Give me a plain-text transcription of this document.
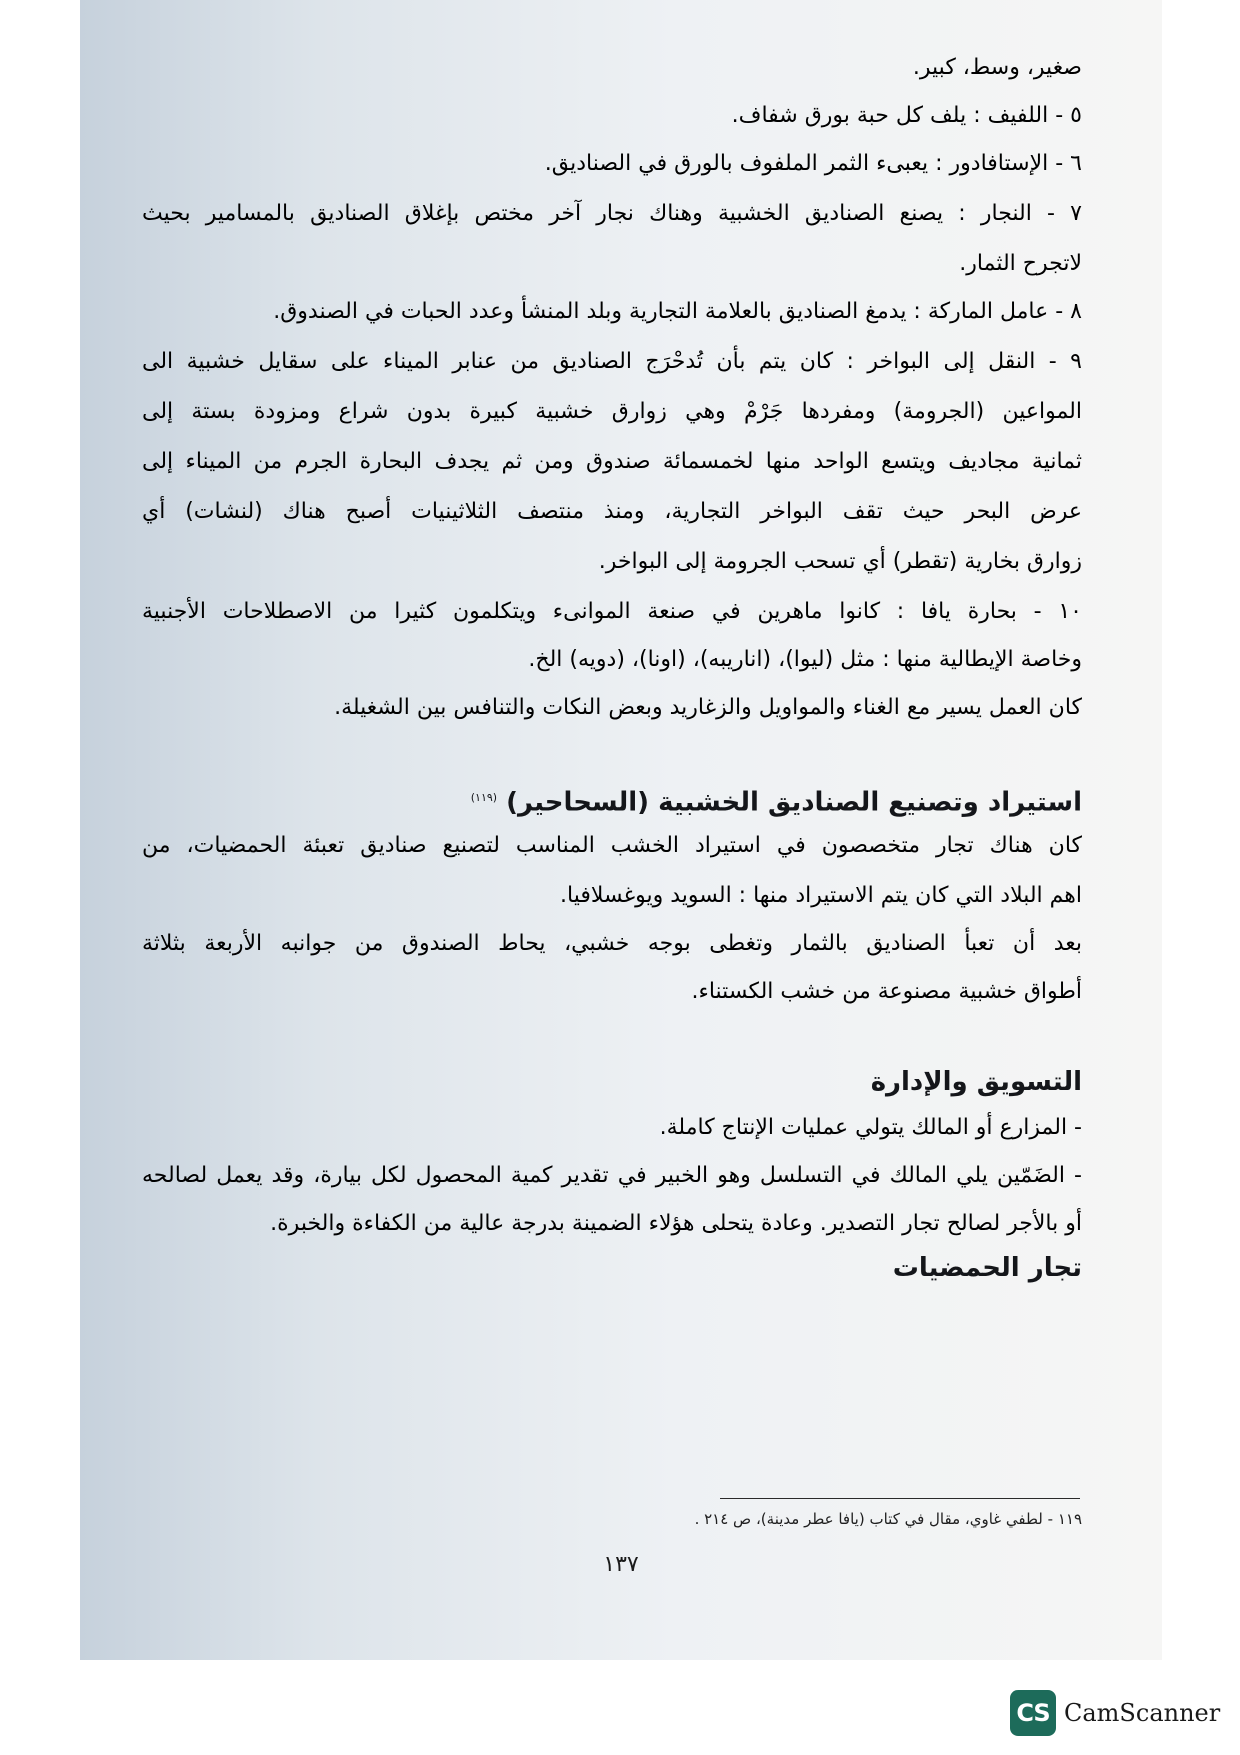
صغير، وسط، كبير.
٥ - اللفيف : يلف كل حبة بورق شفاف.
٦ - الإستافادور : يعبىء الثمر الملفوف بالورق في الصناديق.
٧ - النجار : يصنع الصناديق الخشبية وهناك نجار آخر مختص بإغلاق الصناديق بالمسامير بحيث
لاتجرح الثمار.
٨ - عامل الماركة : يدمغ الصناديق بالعلامة التجارية وبلد المنشأ وعدد الحبات في الصندوق.
٩ - النقل إلى البواخر : كان يتم بأن تُدحْرَج الصناديق من عنابر الميناء على سقايل خشبية الى
المواعين (الجرومة) ومفردها جَرْمْ وهي زوارق خشبية كبيرة بدون شراع ومزودة بستة إلى
ثمانية مجاديف ويتسع الواحد منها لخمسمائة صندوق ومن ثم يجدف البحارة الجرم من الميناء إلى
عرض البحر حيث تقف البواخر التجارية، ومنذ منتصف الثلاثينيات أصبح هناك (لنشات) أي
زوارق بخارية (تقطر) أي تسحب الجرومة إلى البواخر.
١٠ - بحارة يافا : كانوا ماهرين في صنعة الموانىء ويتكلمون كثيرا من الاصطلاحات الأجنبية
وخاصة الإيطالية منها : مثل (ليوا)، (اناريبه)، (اونا)، (دويه) الخ.
كان العمل يسير مع الغناء والمواويل والزغاريد وبعض النكات والتنافس بين الشغيلة.
استيراد وتصنيع الصناديق الخشبية (السحاحير) $^{(١١٩)}$
كان هناك تجار متخصصون في استيراد الخشب المناسب لتصنيع صناديق تعبئة الحمضيات، من
اهم البلاد التي كان يتم الاستيراد منها : السويد ويوغسلافيا.
بعد أن تعبأ الصناديق بالثمار وتغطى بوجه خشبي، يحاط الصندوق من جوانبه الأربعة بثلاثة
أطواق خشبية مصنوعة من خشب الكستناء.
التسويق والإدارة
- المزارع أو المالك يتولي عمليات الإنتاج كاملة.
- الضَمّين يلي المالك في التسلسل وهو الخبير في تقدير كمية المحصول لكل بيارة، وقد يعمل لصالحه
أو بالأجر لصالح تجار التصدير. وعادة يتحلى هؤلاء الضمينة بدرجة عالية من الكفاءة والخبرة.
تجار الحمضيات
١١٩ - لطفي غاوي، مقال في كتاب (يافا عطر مدينة)، ص ٢١٤ .
١٣٧
CS CamScanner
